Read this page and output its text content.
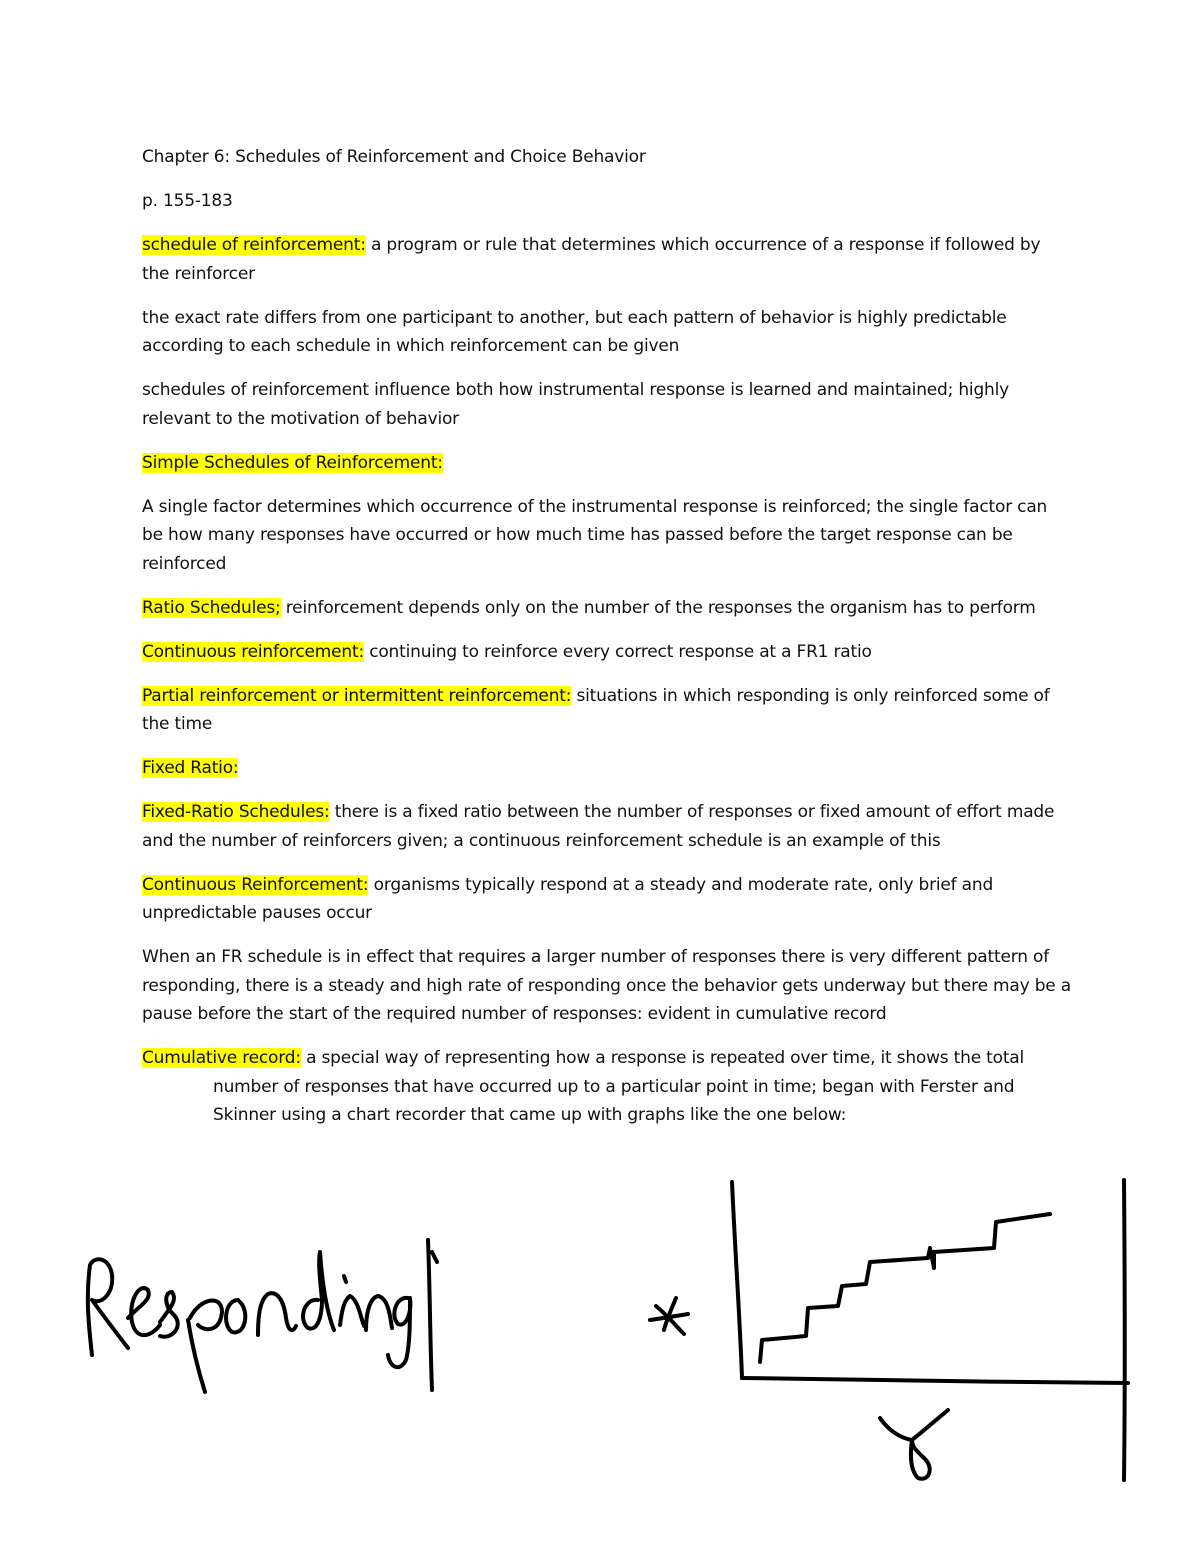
Chapter 6: Schedules of Reinforcement and Choice Behavior

p. 155-183

schedule of reinforcement: a program or rule that determines which occurrence of a response if followed by the reinforcer

the exact rate differs from one participant to another, but each pattern of behavior is highly predictable according to each schedule in which reinforcement can be given

schedules of reinforcement influence both how instrumental response is learned and maintained; highly relevant to the motivation of behavior

Simple Schedules of Reinforcement:

A single factor determines which occurrence of the instrumental response is reinforced; the single factor can be how many responses have occurred or how much time has passed before the target response can be reinforced

Ratio Schedules; reinforcement depends only on the number of the responses the organism has to perform

Continuous reinforcement: continuing to reinforce every correct response at a FR1 ratio

Partial reinforcement or intermittent reinforcement: situations in which responding is only reinforced some of the time

Fixed Ratio:

Fixed-Ratio Schedules: there is a fixed ratio between the number of responses or fixed amount of effort made and the number of reinforcers given; a continuous reinforcement schedule is an example of this

Continuous Reinforcement: organisms typically respond at a steady and moderate rate, only brief and unpredictable pauses occur

When an FR schedule is in effect that requires a larger number of responses there is very different pattern of responding, there is a steady and high rate of responding once the behavior gets underway but there may be a pause before the start of the required number of responses: evident in cumulative record

Cumulative record: a special way of representing how a response is repeated over time, it shows the total number of responses that have occurred up to a particular point in time; began with Ferster and Skinner using a chart recorder that came up with graphs like the one below:
